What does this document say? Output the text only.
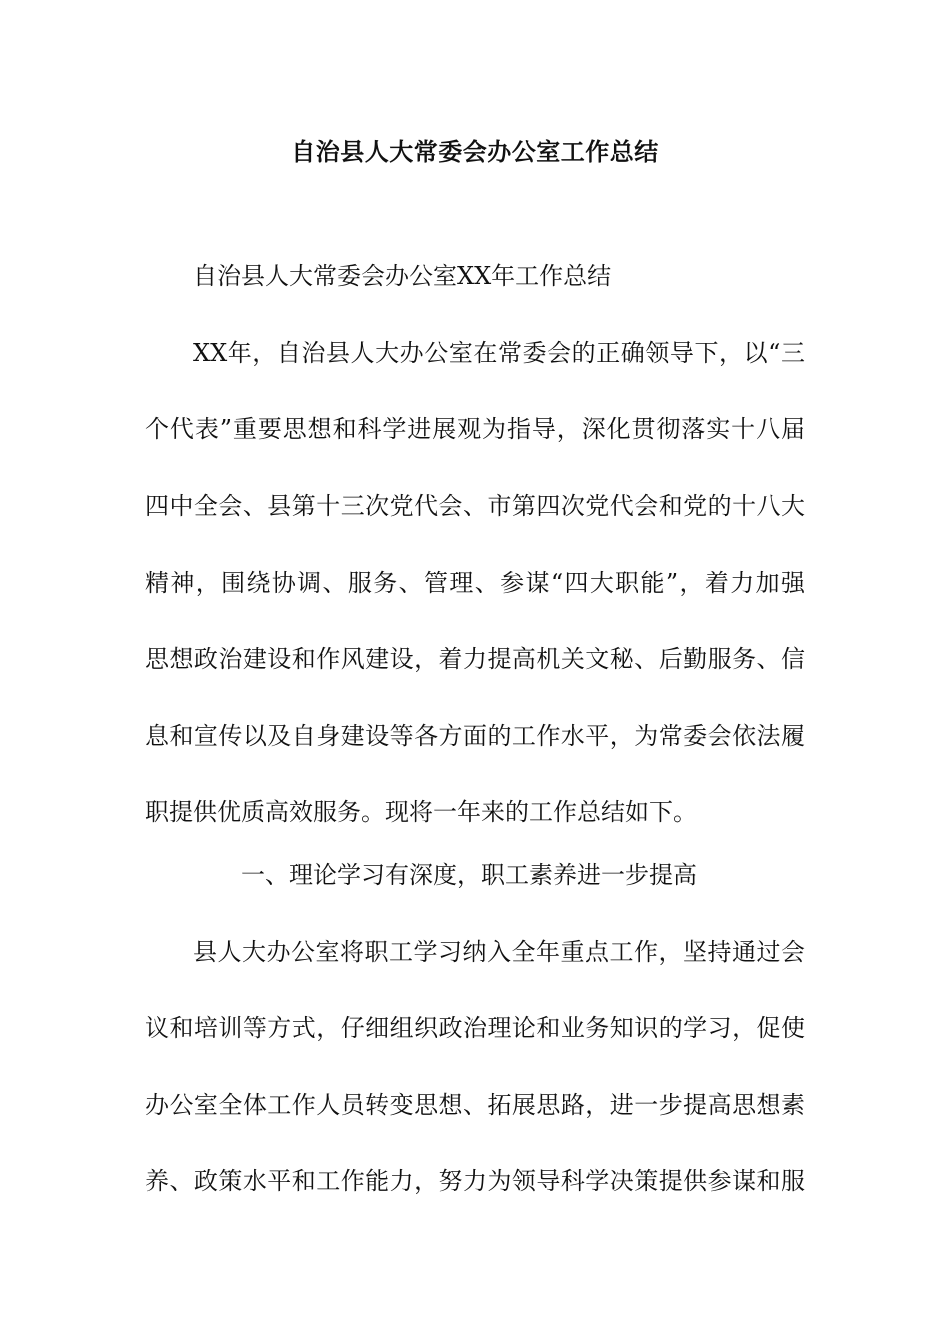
自治县人大常委会办公室工作总结
自治县人大常委会办公室XX年工作总结
XX年，自治县人大办公室在常委会的正确领导下，以“三
个代表”重要思想和科学进展观为指导，深化贯彻落实十八届
四中全会、县第十三次党代会、市第四次党代会和党的十八大
精神，围绕协调、服务、管理、参谋“四大职能”，着力加强
思想政治建设和作风建设，着力提高机关文秘、后勤服务、信
息和宣传以及自身建设等各方面的工作水平，为常委会依法履
职提供优质高效服务。现将一年来的工作总结如下。
一、理论学习有深度，职工素养进一步提高
县人大办公室将职工学习纳入全年重点工作，坚持通过会
议和培训等方式，仔细组织政治理论和业务知识的学习，促使
办公室全体工作人员转变思想、拓展思路，进一步提高思想素
养、政策水平和工作能力，努力为领导科学决策提供参谋和服
